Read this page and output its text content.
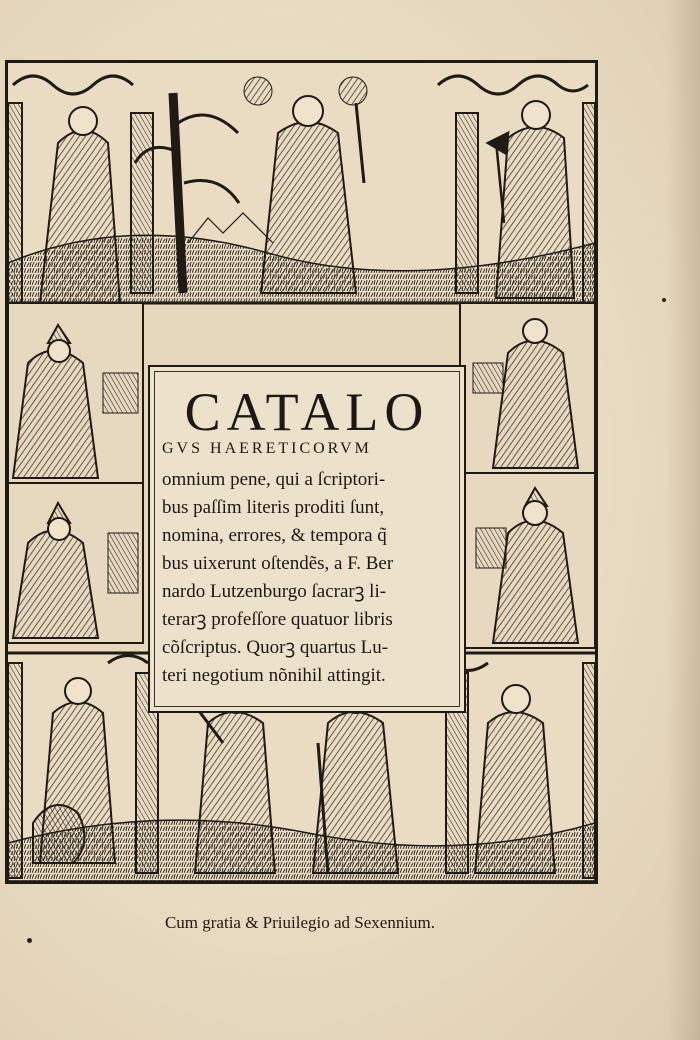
CATALO
GVS HAERETICORVM
omnium pene, qui a ſcriptori-
bus paſſim literis proditi ſunt,
nomina, errores, & tempora q̃
bus uixerunt oſtendẽs, a F. Ber
nardo Lutzenburgo ſacrarꝫ li-
terarꝫ profeſſore quatuor libris
cõſcriptus. Quorꝫ quartus Lu-
teri negotium nõnihil attingit.
Cum gratia & Priuilegio ad Sexennium.
